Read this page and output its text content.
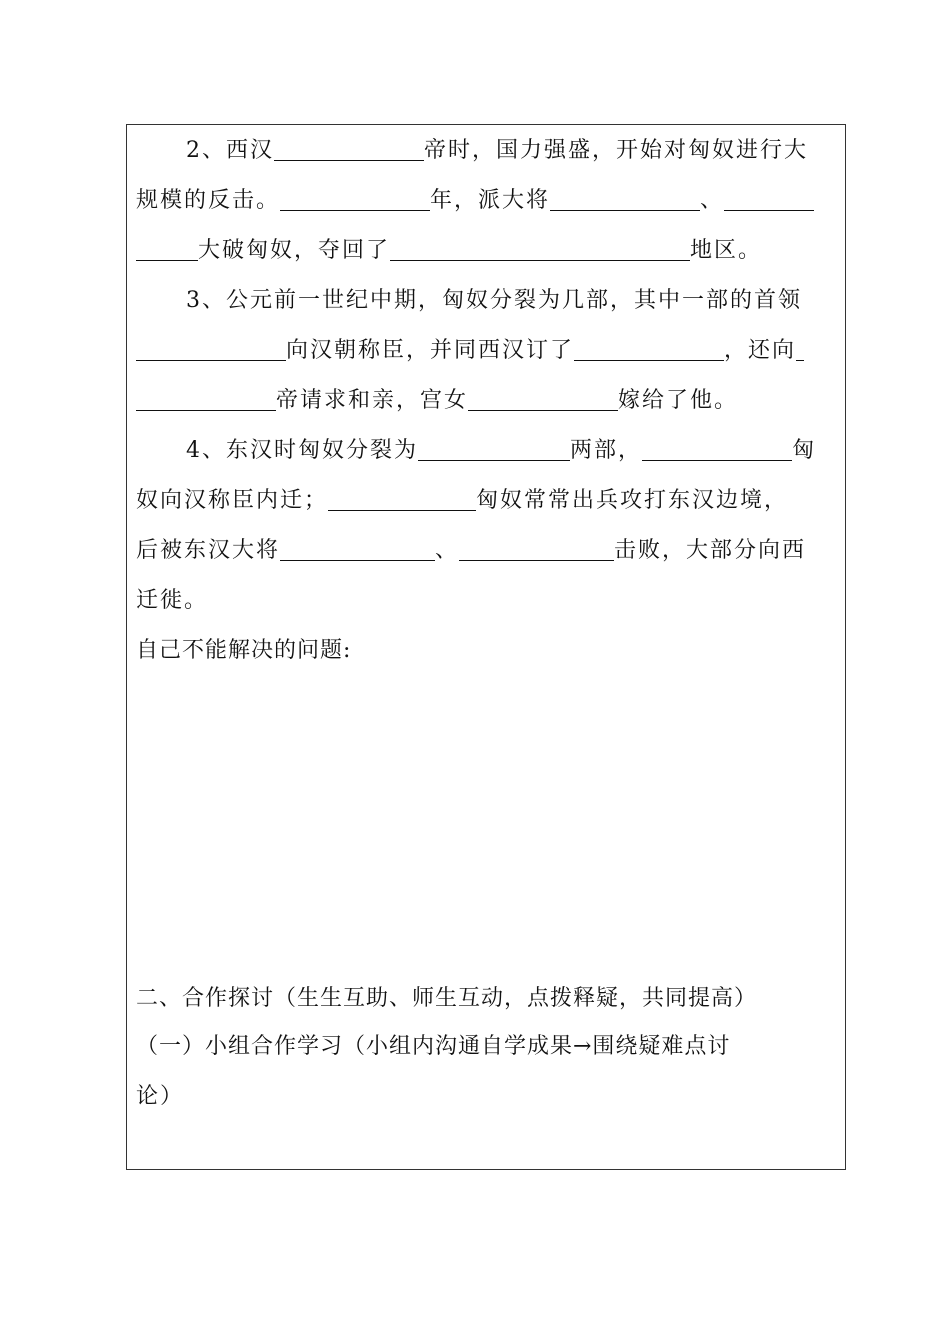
2、西汉	帝时，国力强盛，开始对匈奴进行大
规模的反击。	年，派大将	、
大破匈奴，夺回了	地区。
3、公元前一世纪中期，匈奴分裂为几部，其中一部的首领
向汉朝称臣，并同西汉订了	，还向
帝请求和亲，宫女	嫁给了他。
4、东汉时匈奴分裂为	两部，	匈
奴向汉称臣内迁；	匈奴常常出兵攻打东汉边境，
后被东汉大将	、	击败，大部分向西
迁徙。
自己不能解决的问题:
二、合作探讨（生生互助、师生互动，点拨释疑，共同提高）
（一）小组合作学习（小组内沟通自学成果→围绕疑难点讨
论）
